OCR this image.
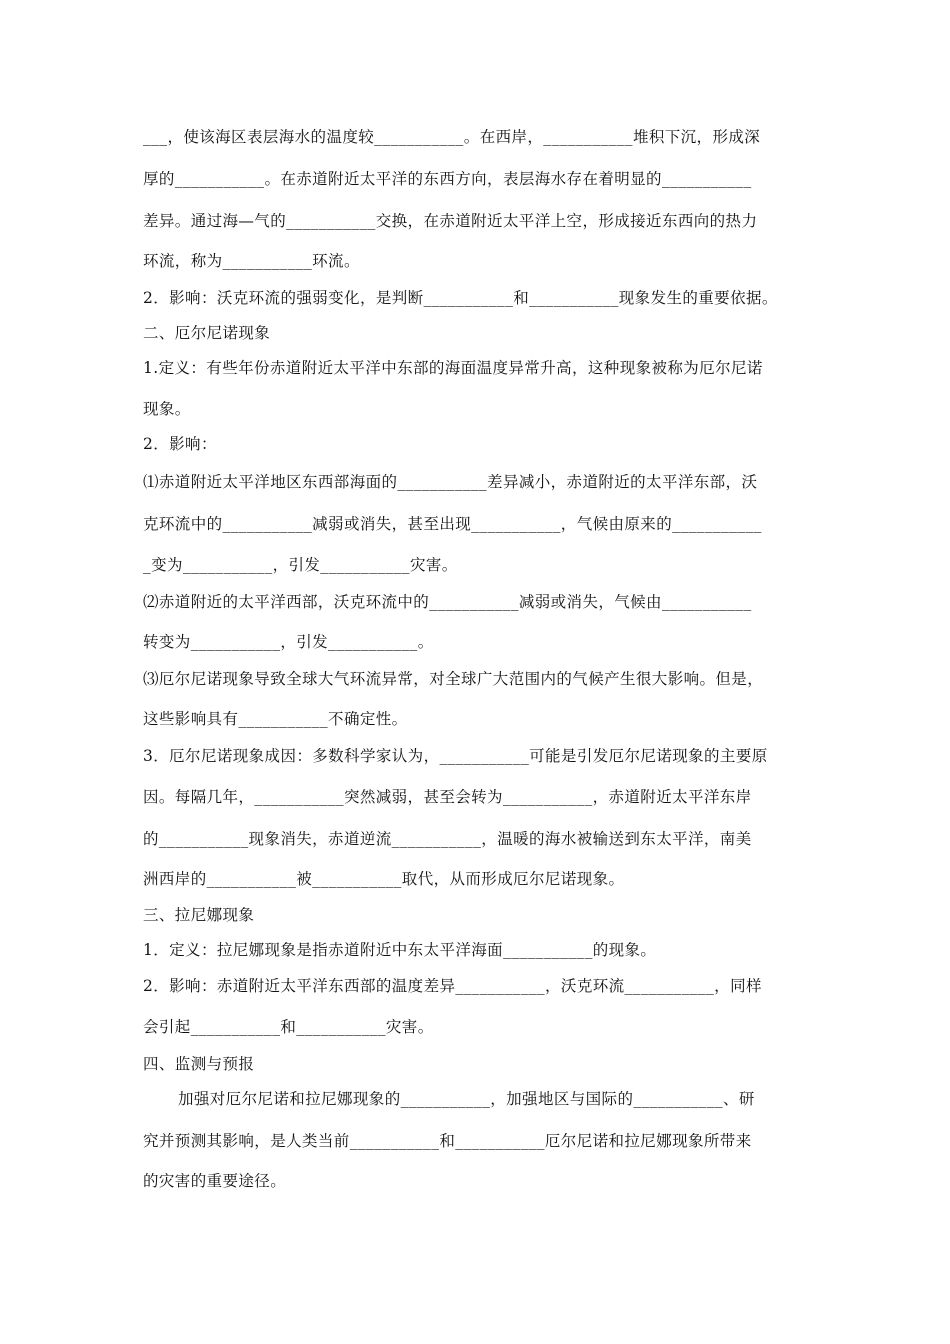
___，使该海区表层海水的温度较___________。在西岸，___________堆积下沉，形成深
厚的___________。在赤道附近太平洋的东西方向，表层海水存在着明显的___________
差异。通过海—气的___________交换，在赤道附近太平洋上空，形成接近东西向的热力
环流，称为___________环流。
2．影响：沃克环流的强弱变化，是判断___________和___________现象发生的重要依据。
二、厄尔尼诺现象
1.定义：有些年份赤道附近太平洋中东部的海面温度异常升高，这种现象被称为厄尔尼诺
现象。
2．影响：
⑴赤道附近太平洋地区东西部海面的___________差异减小，赤道附近的太平洋东部，沃
克环流中的___________减弱或消失，甚至出现___________，气候由原来的___________
_变为___________，引发___________灾害。
⑵赤道附近的太平洋西部，沃克环流中的___________减弱或消失，气候由___________
转变为___________，引发___________。
⑶厄尔尼诺现象导致全球大气环流异常，对全球广大范围内的气候产生很大影响。但是，
这些影响具有___________不确定性。
3．厄尔尼诺现象成因：多数科学家认为，___________可能是引发厄尔尼诺现象的主要原
因。每隔几年，___________突然减弱，甚至会转为___________，赤道附近太平洋东岸
的___________现象消失，赤道逆流___________，温暖的海水被输送到东太平洋，南美
洲西岸的___________被___________取代，从而形成厄尔尼诺现象。
三、拉尼娜现象
1．定义：拉尼娜现象是指赤道附近中东太平洋海面___________的现象。
2．影响：赤道附近太平洋东西部的温度差异___________，沃克环流___________，同样
会引起___________和___________灾害。
四、监测与预报
加强对厄尔尼诺和拉尼娜现象的___________，加强地区与国际的___________、研
究并预测其影响，是人类当前___________和___________厄尔尼诺和拉尼娜现象所带来
的灾害的重要途径。
